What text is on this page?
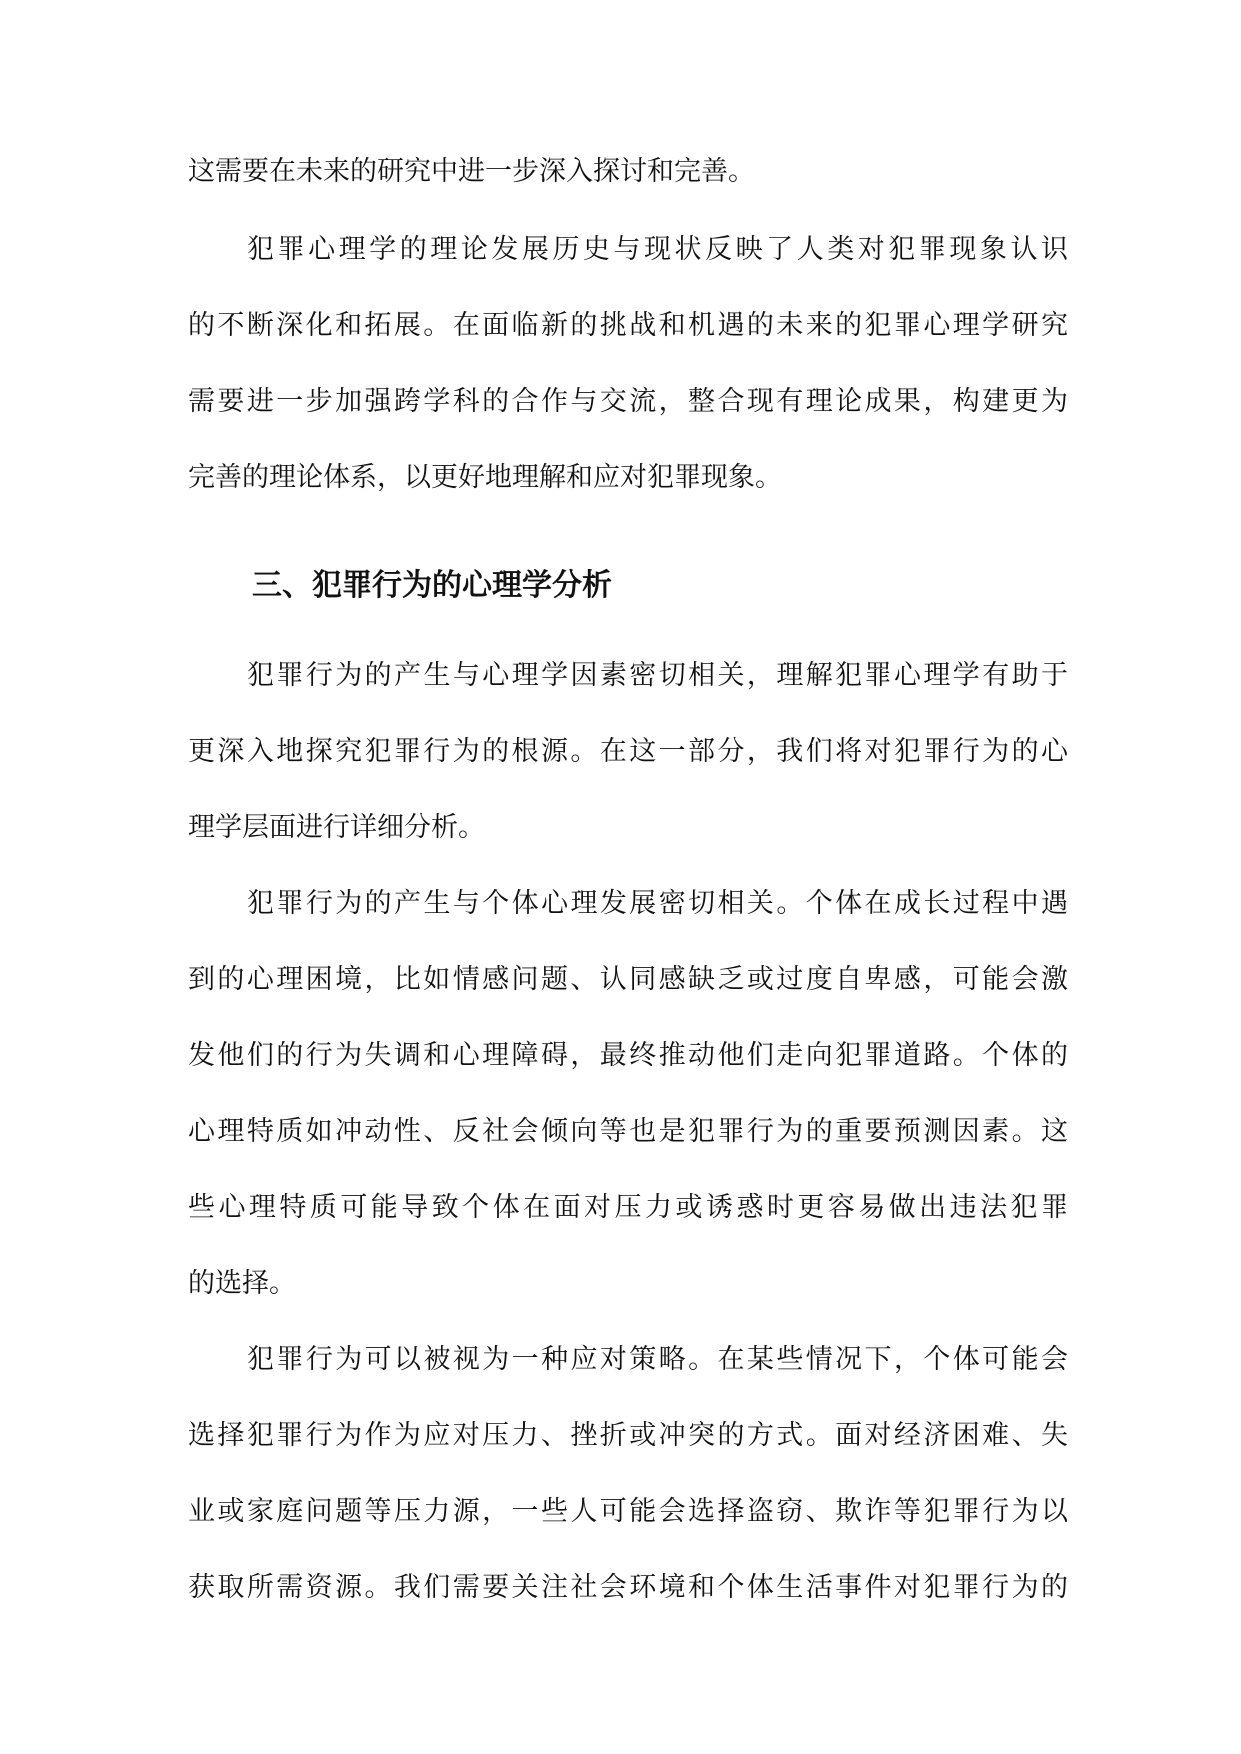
这需要在未来的研究中进一步深入探讨和完善。
犯罪心理学的理论发展历史与现状反映了人类对犯罪现象认识
的不断深化和拓展。在面临新的挑战和机遇的未来的犯罪心理学研究
需要进一步加强跨学科的合作与交流，整合现有理论成果，构建更为
完善的理论体系，以更好地理解和应对犯罪现象。
三、犯罪行为的心理学分析
犯罪行为的产生与心理学因素密切相关，理解犯罪心理学有助于
更深入地探究犯罪行为的根源。在这一部分，我们将对犯罪行为的心
理学层面进行详细分析。
犯罪行为的产生与个体心理发展密切相关。个体在成长过程中遇
到的心理困境，比如情感问题、认同感缺乏或过度自卑感，可能会激
发他们的行为失调和心理障碍，最终推动他们走向犯罪道路。个体的
心理特质如冲动性、反社会倾向等也是犯罪行为的重要预测因素。这
些心理特质可能导致个体在面对压力或诱惑时更容易做出违法犯罪
的选择。
犯罪行为可以被视为一种应对策略。在某些情况下，个体可能会
选择犯罪行为作为应对压力、挫折或冲突的方式。面对经济困难、失
业或家庭问题等压力源，一些人可能会选择盗窃、欺诈等犯罪行为以
获取所需资源。我们需要关注社会环境和个体生活事件对犯罪行为的
